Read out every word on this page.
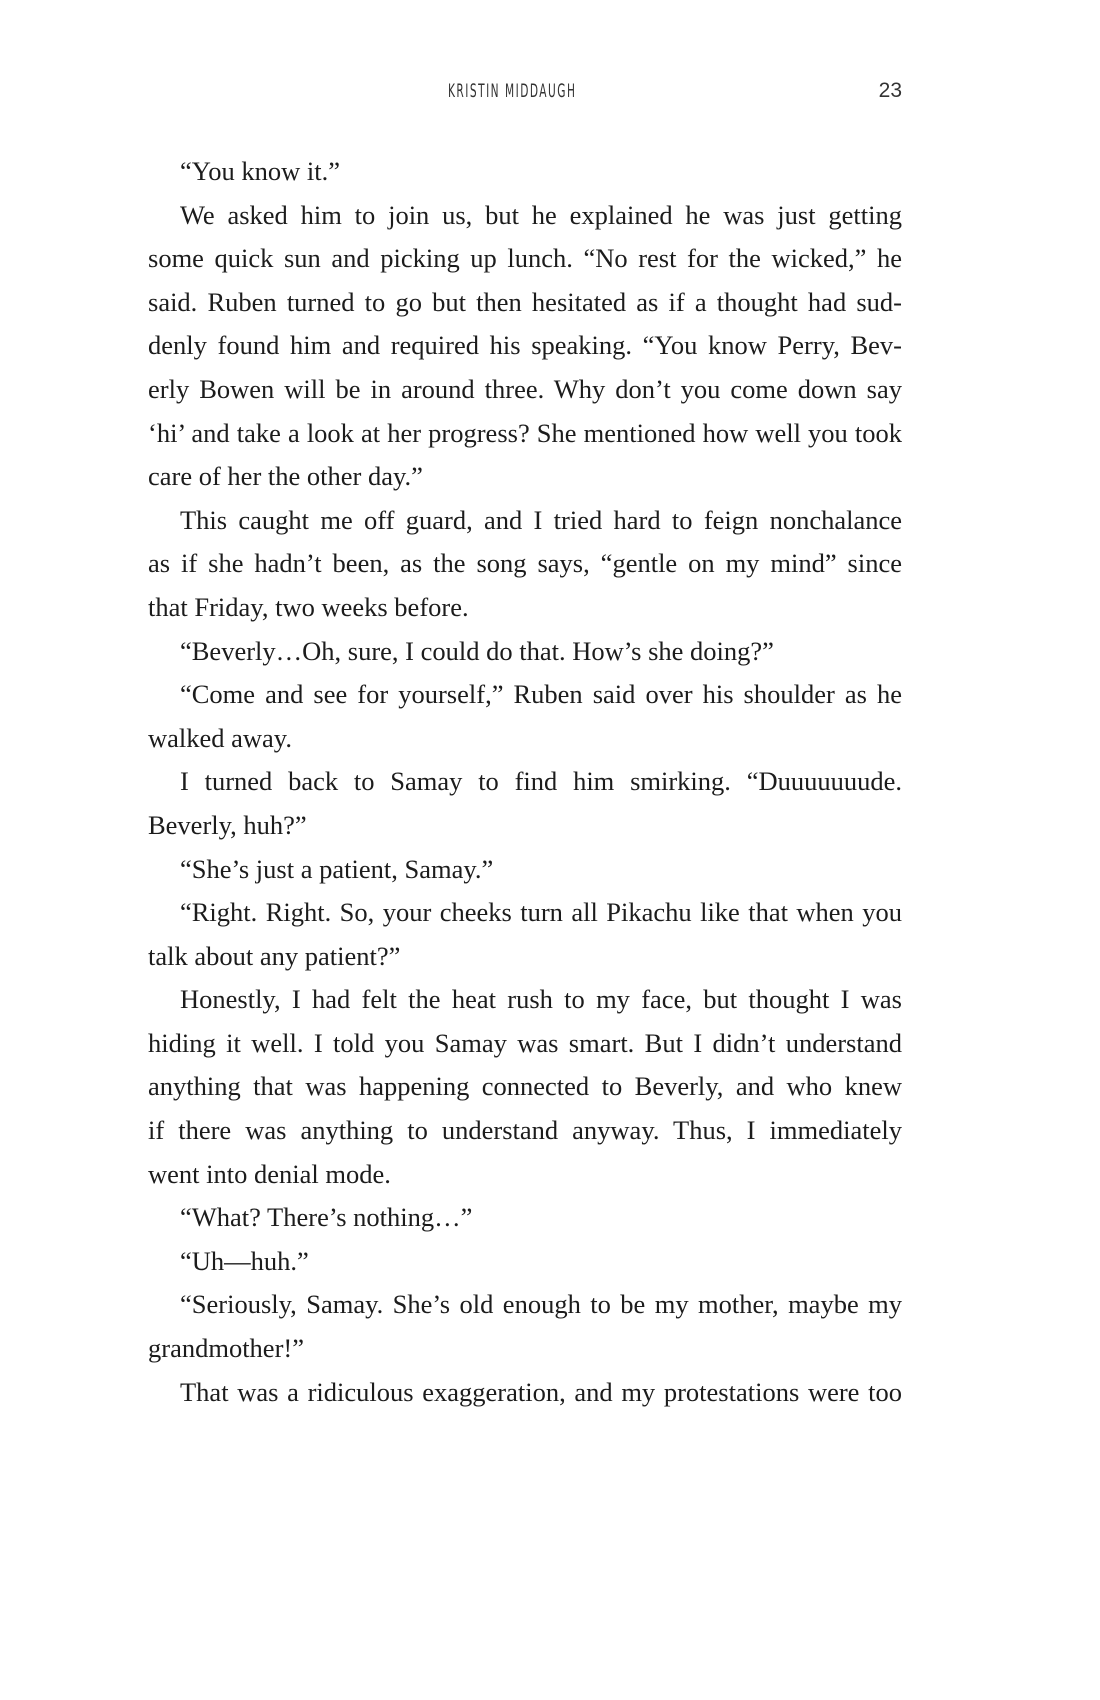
KRISTIN MIDDAUGH	23
“You know it.”
We asked him to join us, but he explained he was just getting
some quick sun and picking up lunch. “No rest for the wicked,” he
said. Ruben turned to go but then hesitated as if a thought had sud-
denly found him and required his speaking. “You know Perry, Bev-
erly Bowen will be in around three. Why don’t you come down say
‘hi’ and take a look at her progress? She mentioned how well you took
care of her the other day.”
This caught me off guard, and I tried hard to feign nonchalance
as if she hadn’t been, as the song says, “gentle on my mind” since
that Friday, two weeks before.
“Beverly…Oh, sure, I could do that. How’s she doing?”
“Come and see for yourself,” Ruben said over his shoulder as he
walked away.
I turned back to Samay to find him smirking. “Duuuuuuude.
Beverly, huh?”
“She’s just a patient, Samay.”
“Right. Right. So, your cheeks turn all Pikachu like that when you
talk about any patient?”
Honestly, I had felt the heat rush to my face, but thought I was
hiding it well. I told you Samay was smart. But I didn’t understand
anything that was happening connected to Beverly, and who knew
if there was anything to understand anyway. Thus, I immediately
went into denial mode.
“What? There’s nothing…”
“Uh—huh.”
“Seriously, Samay. She’s old enough to be my mother, maybe my
grandmother!”
That was a ridiculous exaggeration, and my protestations were too
